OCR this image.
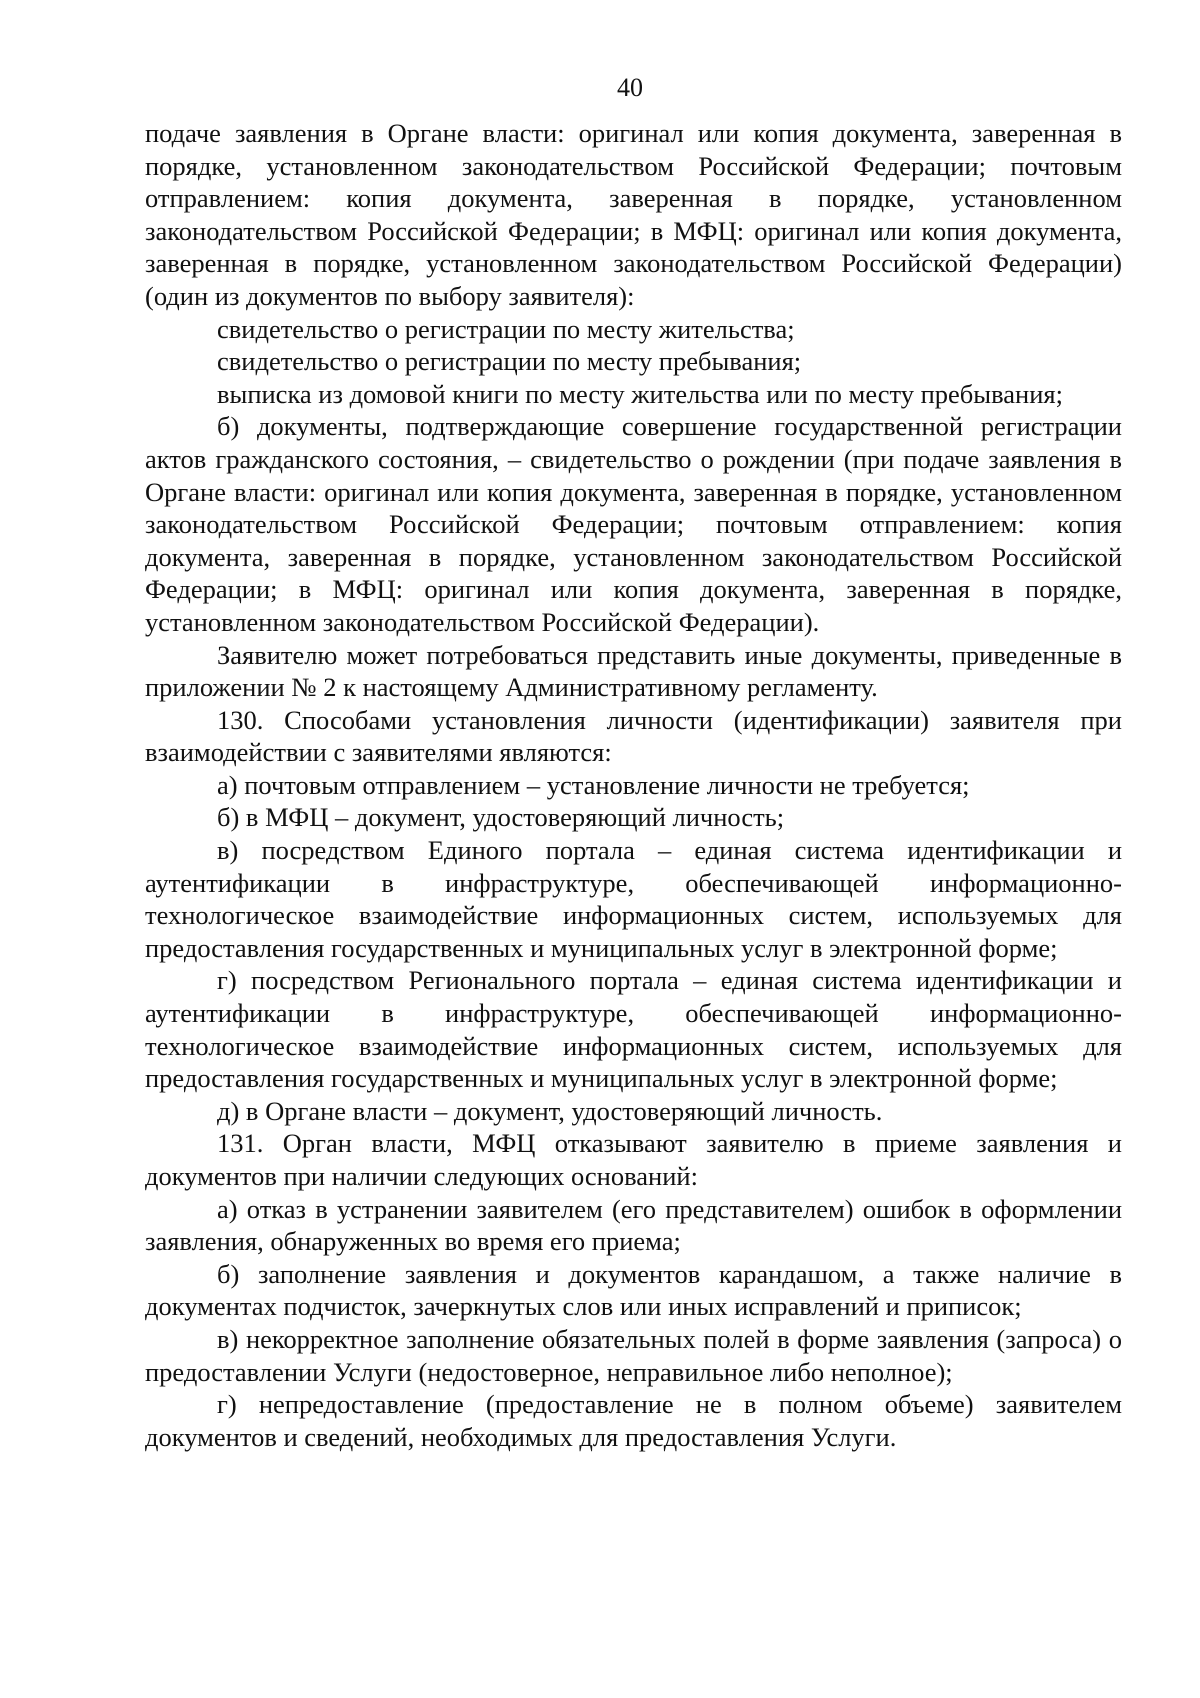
40

подаче заявления в Органе власти: оригинал или копия документа, заверенная в порядке, установленном законодательством Российской Федерации; почтовым отправлением: копия документа, заверенная в порядке, установленном законодательством Российской Федерации; в МФЦ: оригинал или копия документа, заверенная в порядке, установленном законодательством Российской Федерации) (один из документов по выбору заявителя):

свидетельство о регистрации по месту жительства;

свидетельство о регистрации по месту пребывания;

выписка из домовой книги по месту жительства или по месту пребывания;

б) документы, подтверждающие совершение государственной регистрации актов гражданского состояния, – свидетельство о рождении (при подаче заявления в Органе власти: оригинал или копия документа, заверенная в порядке, установленном законодательством Российской Федерации; почтовым отправлением: копия документа, заверенная в порядке, установленном законодательством Российской Федерации; в МФЦ: оригинал или копия документа, заверенная в порядке, установленном законодательством Российской Федерации).

Заявителю может потребоваться представить иные документы, приведенные в приложении № 2 к настоящему Административному регламенту.

130. Способами установления личности (идентификации) заявителя при взаимодействии с заявителями являются:

а) почтовым отправлением – установление личности не требуется;

б) в МФЦ – документ, удостоверяющий личность;

в) посредством Единого портала – единая система идентификации и аутентификации в инфраструктуре, обеспечивающей информационно-технологическое взаимодействие информационных систем, используемых для предоставления государственных и муниципальных услуг в электронной форме;

г) посредством Регионального портала – единая система идентификации и аутентификации в инфраструктуре, обеспечивающей информационно-технологическое взаимодействие информационных систем, используемых для предоставления государственных и муниципальных услуг в электронной форме;

д) в Органе власти – документ, удостоверяющий личность.

131. Орган власти, МФЦ отказывают заявителю в приеме заявления и документов при наличии следующих оснований:

а) отказ в устранении заявителем (его представителем) ошибок в оформлении заявления, обнаруженных во время его приема;

б) заполнение заявления и документов карандашом, а также наличие в документах подчисток, зачеркнутых слов или иных исправлений и приписок;

в) некорректное заполнение обязательных полей в форме заявления (запроса) о предоставлении Услуги (недостоверное, неправильное либо неполное);

г) непредоставление (предоставление не в полном объеме) заявителем документов и сведений, необходимых для предоставления Услуги.
